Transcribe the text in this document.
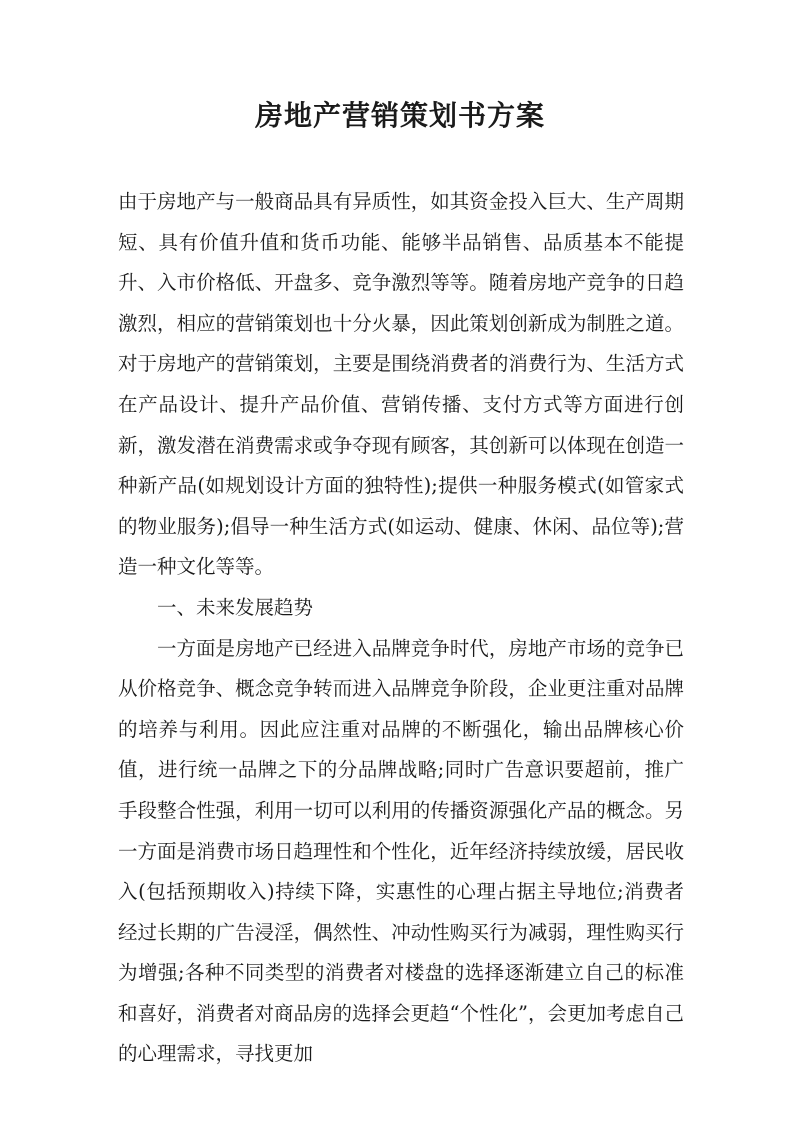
房地产营销策划书方案

由于房地产与一般商品具有异质性，如其资金投入巨大、生产周期短、具有价值升值和货币功能、能够半品销售、品质基本不能提升、入市价格低、开盘多、竞争激烈等等。随着房地产竞争的日趋激烈，相应的营销策划也十分火暴，因此策划创新成为制胜之道。对于房地产的营销策划，主要是围绕消费者的消费行为、生活方式在产品设计、提升产品价值、营销传播、支付方式等方面进行创新，激发潜在消费需求或争夺现有顾客，其创新可以体现在创造一种新产品(如规划设计方面的独特性);提供一种服务模式(如管家式的物业服务);倡导一种生活方式(如运动、健康、休闲、品位等);营造一种文化等等。

一、未来发展趋势

一方面是房地产已经进入品牌竞争时代，房地产市场的竞争已从价格竞争、概念竞争转而进入品牌竞争阶段，企业更注重对品牌的培养与利用。因此应注重对品牌的不断强化，输出品牌核心价值，进行统一品牌之下的分品牌战略;同时广告意识要超前，推广手段整合性强，利用一切可以利用的传播资源强化产品的概念。另一方面是消费市场日趋理性和个性化，近年经济持续放缓，居民收入(包括预期收入)持续下降，实惠性的心理占据主导地位;消费者经过长期的广告浸淫，偶然性、冲动性购买行为减弱，理性购买行为增强;各种不同类型的消费者对楼盘的选择逐渐建立自己的标准和喜好，消费者对商品房的选择会更趋“个性化”，会更加考虑自己的心理需求，寻找更加
